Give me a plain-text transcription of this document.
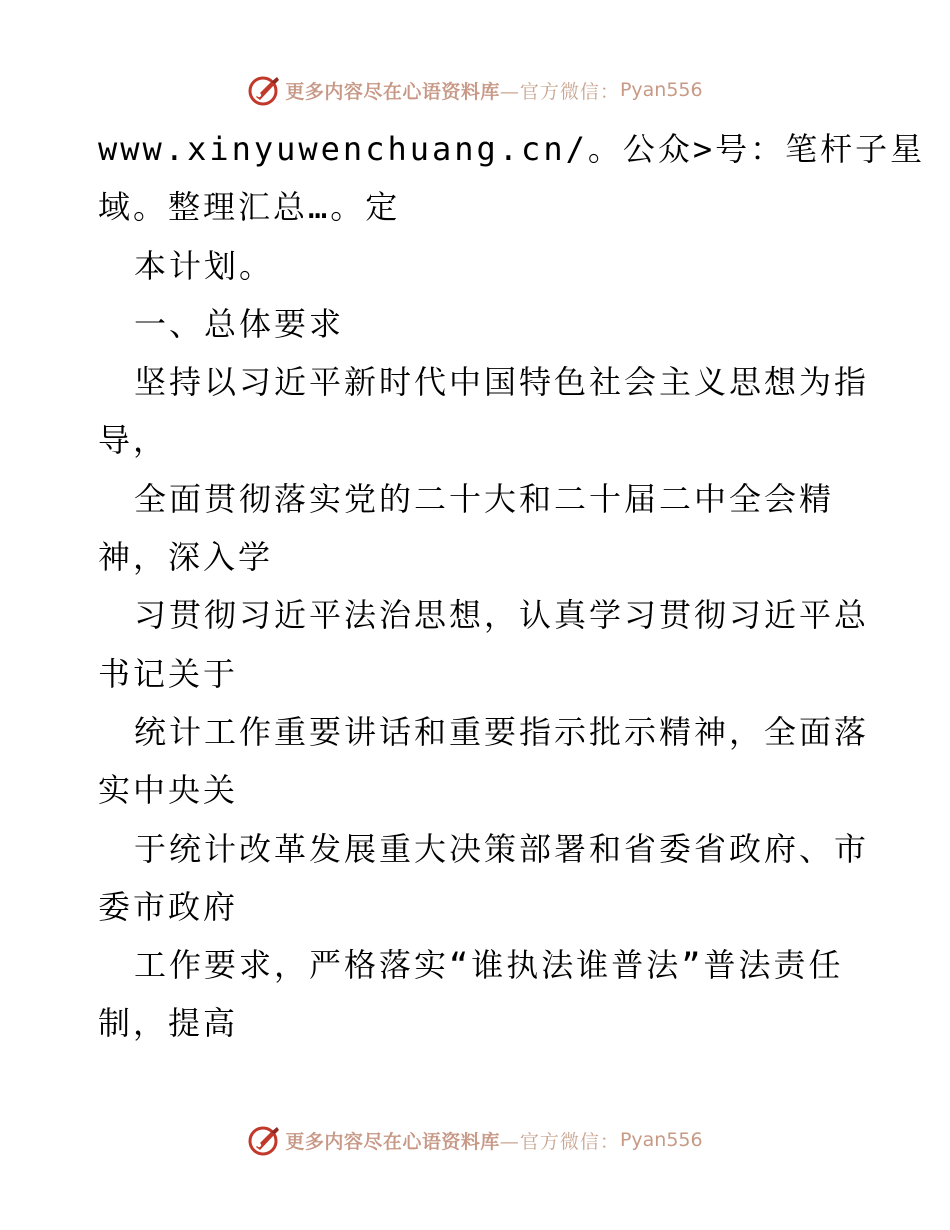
更多内容尽在心语资料库 —官方微信： Pyan556
www.xinyuwenchuang.cn/。公众>号：笔杆子星
域。整理汇总…。定
本计划。
一、总体要求
坚持以习近平新时代中国特色社会主义思想为指
导，
全面贯彻落实党的二十大和二十届二中全会精
神，深入学
习贯彻习近平法治思想，认真学习贯彻习近平总
书记关于
统计工作重要讲话和重要指示批示精神，全面落
实中央关
于统计改革发展重大决策部署和省委省政府、市
委市政府
工作要求，严格落实“谁执法谁普法”普法责任
制，提高
更多内容尽在心语资料库 —官方微信： Pyan556
